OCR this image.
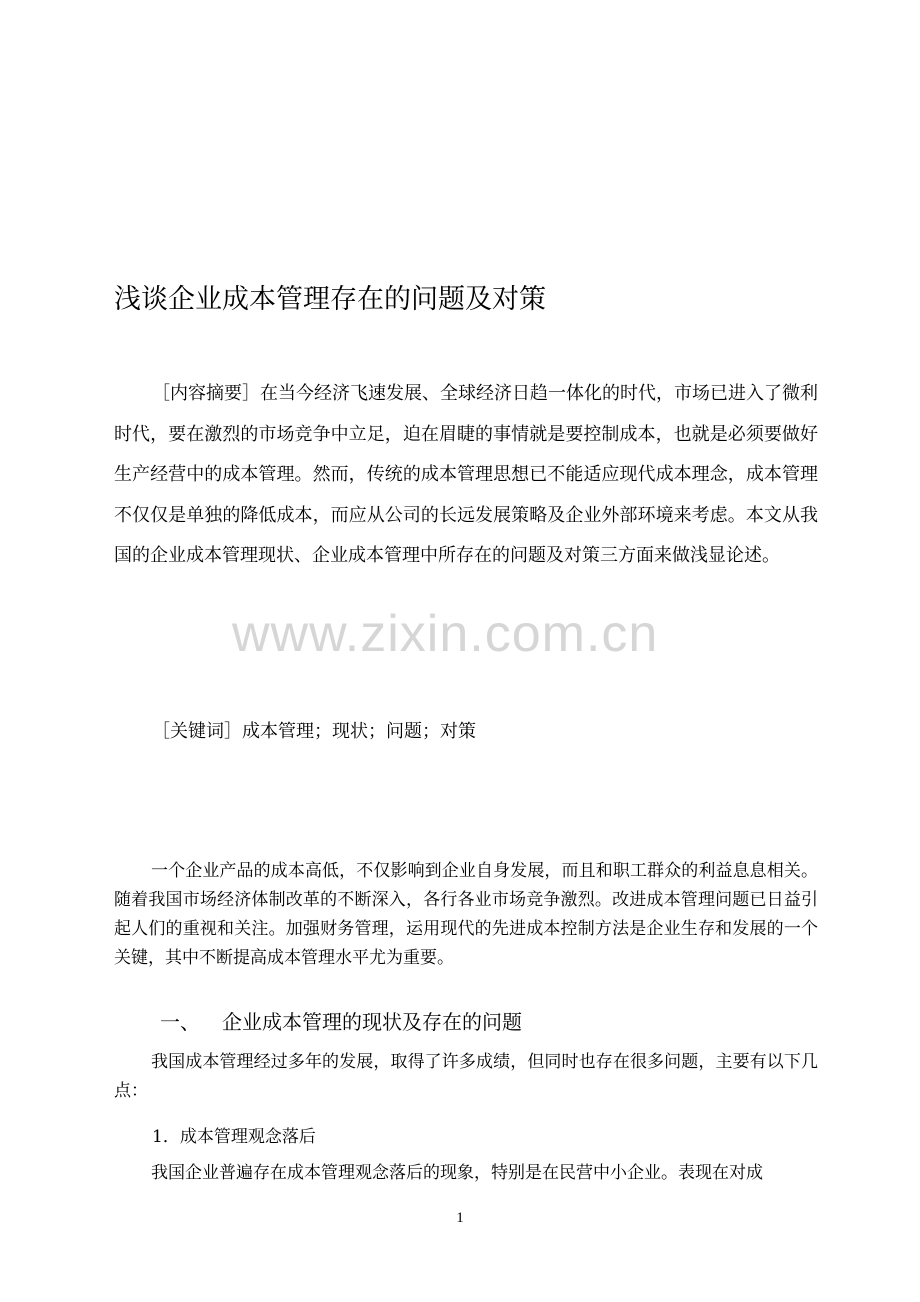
浅谈企业成本管理存在的问题及对策

［内容摘要］在当今经济飞速发展、全球经济日趋一体化的时代，市场已进入了微利时代，要在激烈的市场竞争中立足，迫在眉睫的事情就是要控制成本，也就是必须要做好生产经营中的成本管理。然而，传统的成本管理思想已不能适应现代成本理念，成本管理不仅仅是单独的降低成本，而应从公司的长远发展策略及企业外部环境来考虑。本文从我国的企业成本管理现状、企业成本管理中所存在的问题及对策三方面来做浅显论述。

www.zixin.com.cn

［关键词］成本管理；现状；问题；对策

一个企业产品的成本高低，不仅影响到企业自身发展，而且和职工群众的利益息息相关。随着我国市场经济体制改革的不断深入，各行各业市场竞争激烈。改进成本管理问题已日益引起人们的重视和关注。加强财务管理，运用现代的先进成本控制方法是企业生存和发展的一个关键，其中不断提高成本管理水平尤为重要。

一、 企业成本管理的现状及存在的问题

我国成本管理经过多年的发展，取得了许多成绩，但同时也存在很多问题，主要有以下几点：

1．成本管理观念落后

我国企业普遍存在成本管理观念落后的现象，特别是在民营中小企业。表现在对成

1
